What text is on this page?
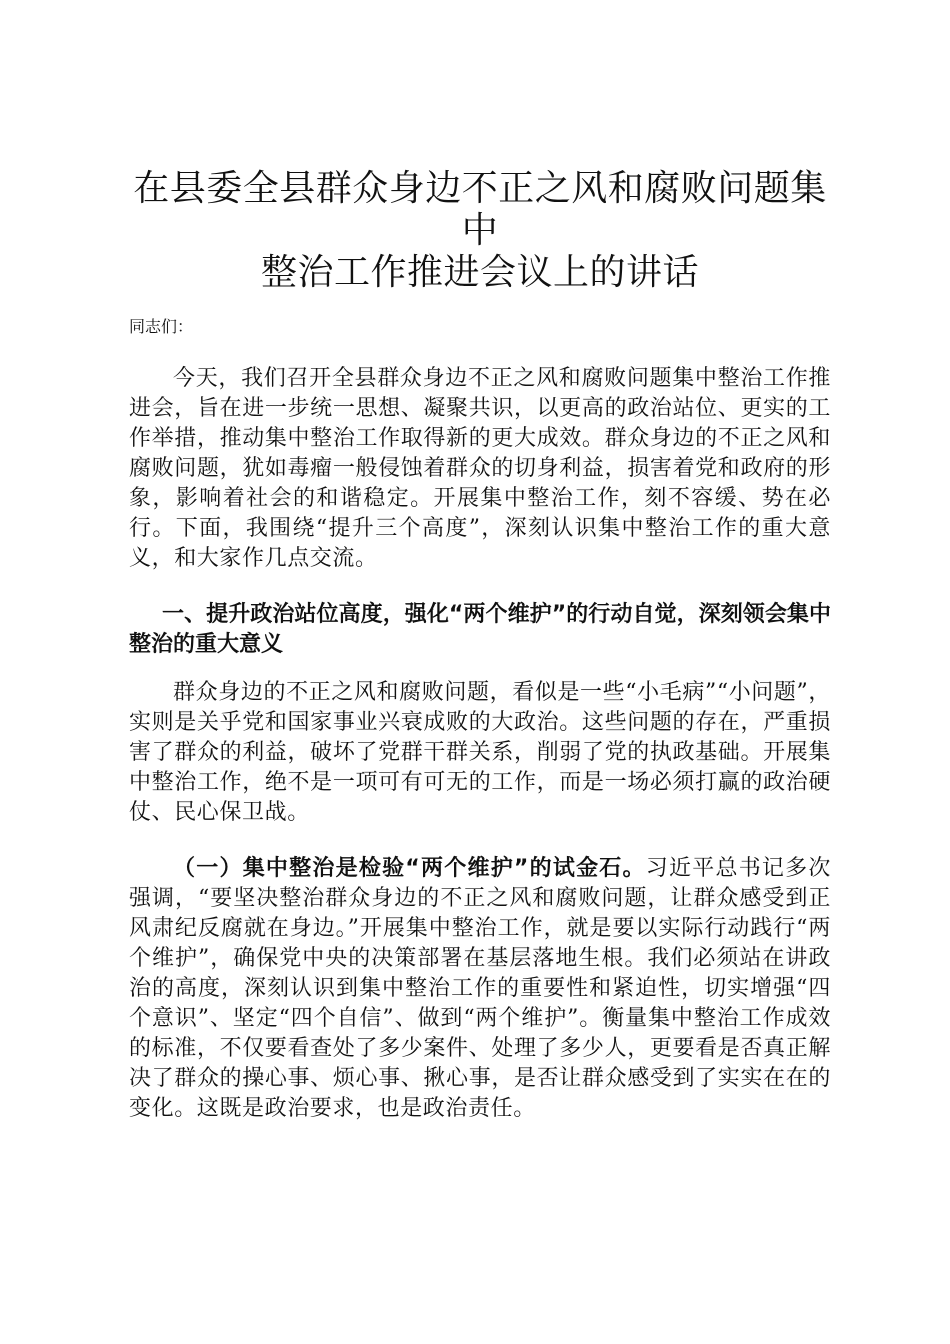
在县委全县群众身边不正之风和腐败问题集中
整治工作推进会议上的讲话

同志们：

今天，我们召开全县群众身边不正之风和腐败问题集中整治工作推进会，旨在进一步统一思想、凝聚共识，以更高的政治站位、更实的工作举措，推动集中整治工作取得新的更大成效。群众身边的不正之风和腐败问题，犹如毒瘤一般侵蚀着群众的切身利益，损害着党和政府的形象，影响着社会的和谐稳定。开展集中整治工作，刻不容缓、势在必行。下面，我围绕“提升三个高度”，深刻认识集中整治工作的重大意义，和大家作几点交流。

一、提升政治站位高度，强化“两个维护”的行动自觉，深刻领会集中整治的重大意义

群众身边的不正之风和腐败问题，看似是一些“小毛病”“小问题”，实则是关乎党和国家事业兴衰成败的大政治。这些问题的存在，严重损害了群众的利益，破坏了党群干群关系，削弱了党的执政基础。开展集中整治工作，绝不是一项可有可无的工作，而是一场必须打赢的政治硬仗、民心保卫战。

（一）集中整治是检验“两个维护”的试金石。习近平总书记多次强调，“要坚决整治群众身边的不正之风和腐败问题，让群众感受到正风肃纪反腐就在身边。”开展集中整治工作，就是要以实际行动践行“两个维护”，确保党中央的决策部署在基层落地生根。我们必须站在讲政治的高度，深刻认识到集中整治工作的重要性和紧迫性，切实增强“四个意识”、坚定“四个自信”、做到“两个维护”。衡量集中整治工作成效的标准，不仅要看查处了多少案件、处理了多少人，更要看是否真正解决了群众的操心事、烦心事、揪心事，是否让群众感受到了实实在在的变化。这既是政治要求，也是政治责任。
